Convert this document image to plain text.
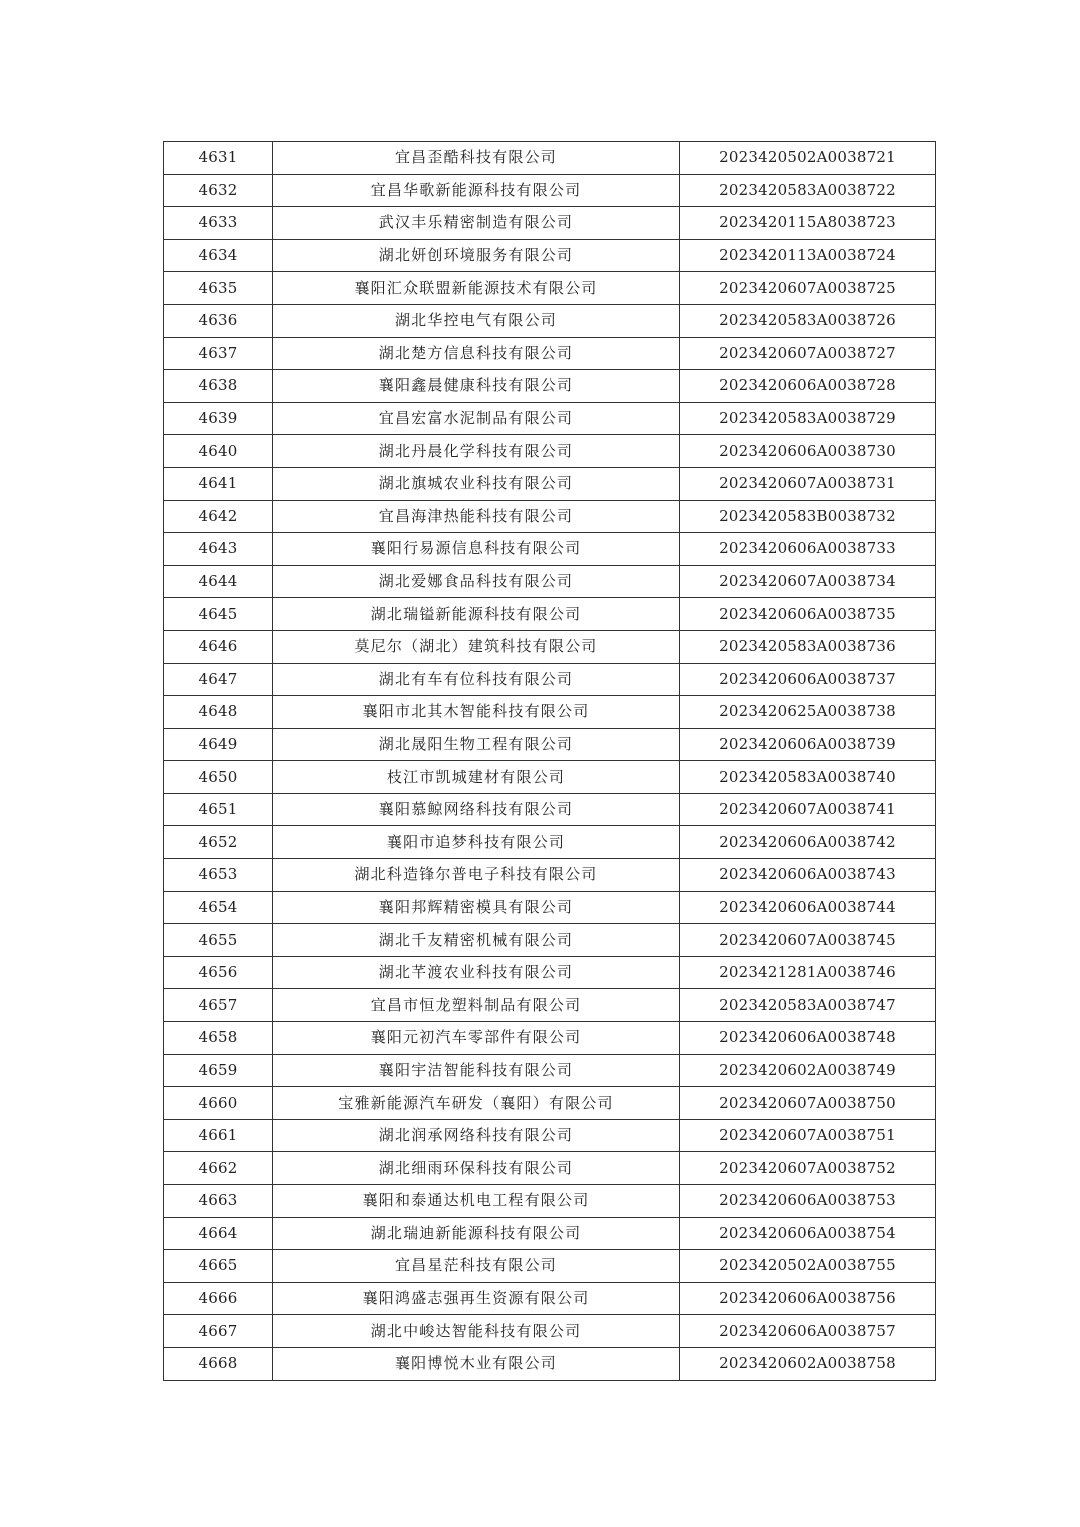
4631	宜昌歪酷科技有限公司	2023420502A0038721
4632	宜昌华歌新能源科技有限公司	2023420583A0038722
4633	武汉丰乐精密制造有限公司	2023420115A8038723
4634	湖北妍创环境服务有限公司	2023420113A0038724
4635	襄阳汇众联盟新能源技术有限公司	2023420607A0038725
4636	湖北华控电气有限公司	2023420583A0038726
4637	湖北楚方信息科技有限公司	2023420607A0038727
4638	襄阳鑫晨健康科技有限公司	2023420606A0038728
4639	宜昌宏富水泥制品有限公司	2023420583A0038729
4640	湖北丹晨化学科技有限公司	2023420606A0038730
4641	湖北旗城农业科技有限公司	2023420607A0038731
4642	宜昌海津热能科技有限公司	2023420583B0038732
4643	襄阳行易源信息科技有限公司	2023420606A0038733
4644	湖北爱娜食品科技有限公司	2023420607A0038734
4645	湖北瑞镒新能源科技有限公司	2023420606A0038735
4646	莫尼尔（湖北）建筑科技有限公司	2023420583A0038736
4647	湖北有车有位科技有限公司	2023420606A0038737
4648	襄阳市北其木智能科技有限公司	2023420625A0038738
4649	湖北晟阳生物工程有限公司	2023420606A0038739
4650	枝江市凯城建材有限公司	2023420583A0038740
4651	襄阳慕鲸网络科技有限公司	2023420607A0038741
4652	襄阳市追梦科技有限公司	2023420606A0038742
4653	湖北科造锋尔普电子科技有限公司	2023420606A0038743
4654	襄阳邦辉精密模具有限公司	2023420606A0038744
4655	湖北千友精密机械有限公司	2023420607A0038745
4656	湖北芊渡农业科技有限公司	2023421281A0038746
4657	宜昌市恒龙塑料制品有限公司	2023420583A0038747
4658	襄阳元初汽车零部件有限公司	2023420606A0038748
4659	襄阳宇洁智能科技有限公司	2023420602A0038749
4660	宝雅新能源汽车研发（襄阳）有限公司	2023420607A0038750
4661	湖北润承网络科技有限公司	2023420607A0038751
4662	湖北细雨环保科技有限公司	2023420607A0038752
4663	襄阳和泰通达机电工程有限公司	2023420606A0038753
4664	湖北瑞迪新能源科技有限公司	2023420606A0038754
4665	宜昌星茫科技有限公司	2023420502A0038755
4666	襄阳鸿盛志强再生资源有限公司	2023420606A0038756
4667	湖北中峻达智能科技有限公司	2023420606A0038757
4668	襄阳博悦木业有限公司	2023420602A0038758
